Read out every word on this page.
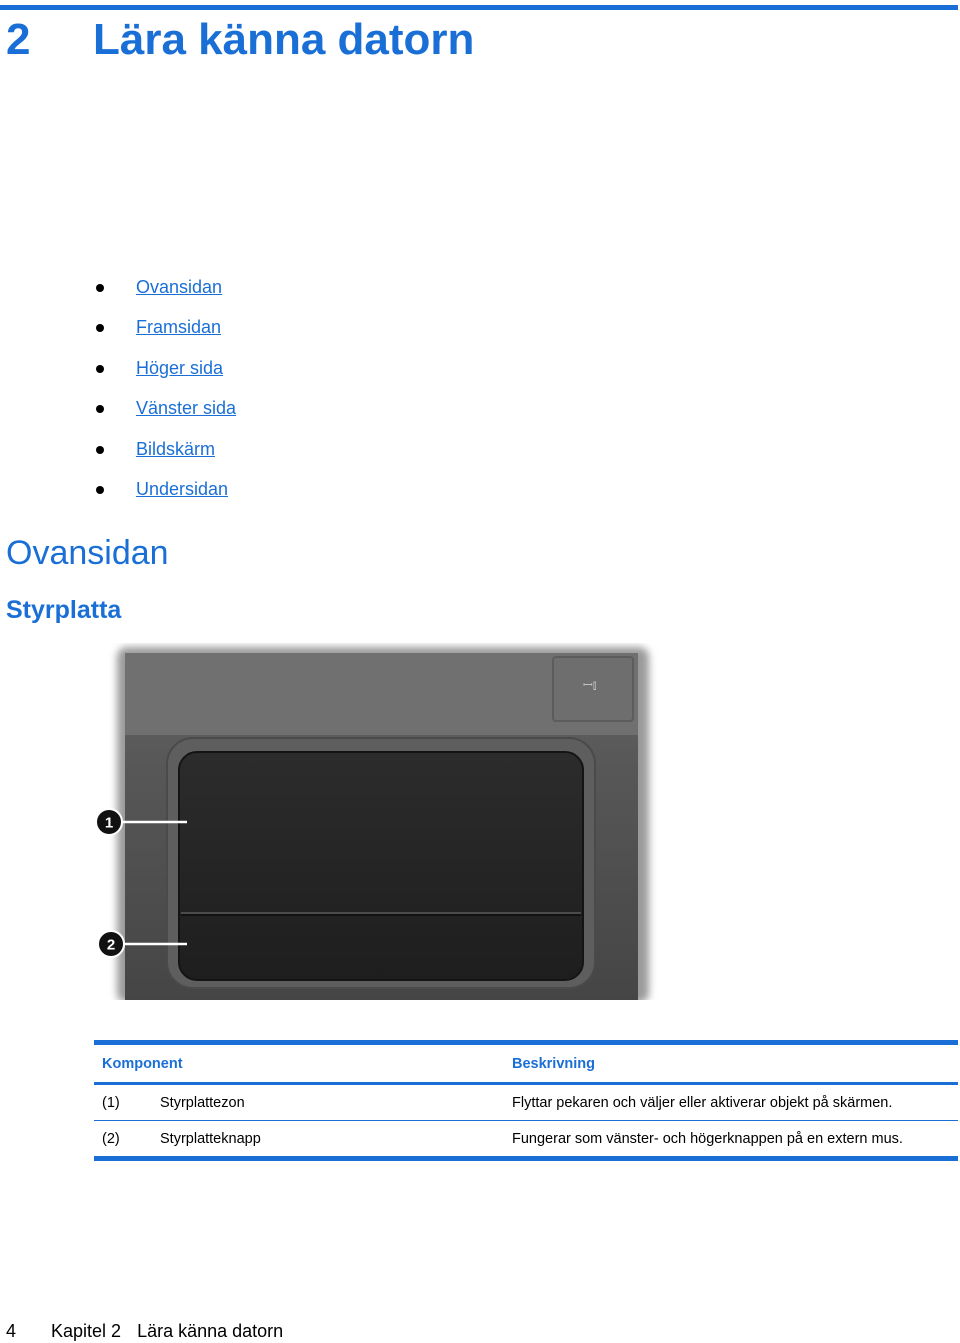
2 Lära känna datorn
Ovansidan
Framsidan
Höger sida
Vänster sida
Bildskärm
Undersidan
Ovansidan
Styrplatta
ꟷ⫾
1
2
Komponent	Beskrivning
(1) Styrplattezon	Flyttar pekaren och väljer eller aktiverar objekt på skärmen.
(2) Styrplatteknapp	Fungerar som vänster- och högerknappen på en extern mus.
4 Kapitel 2 Lära känna datorn
